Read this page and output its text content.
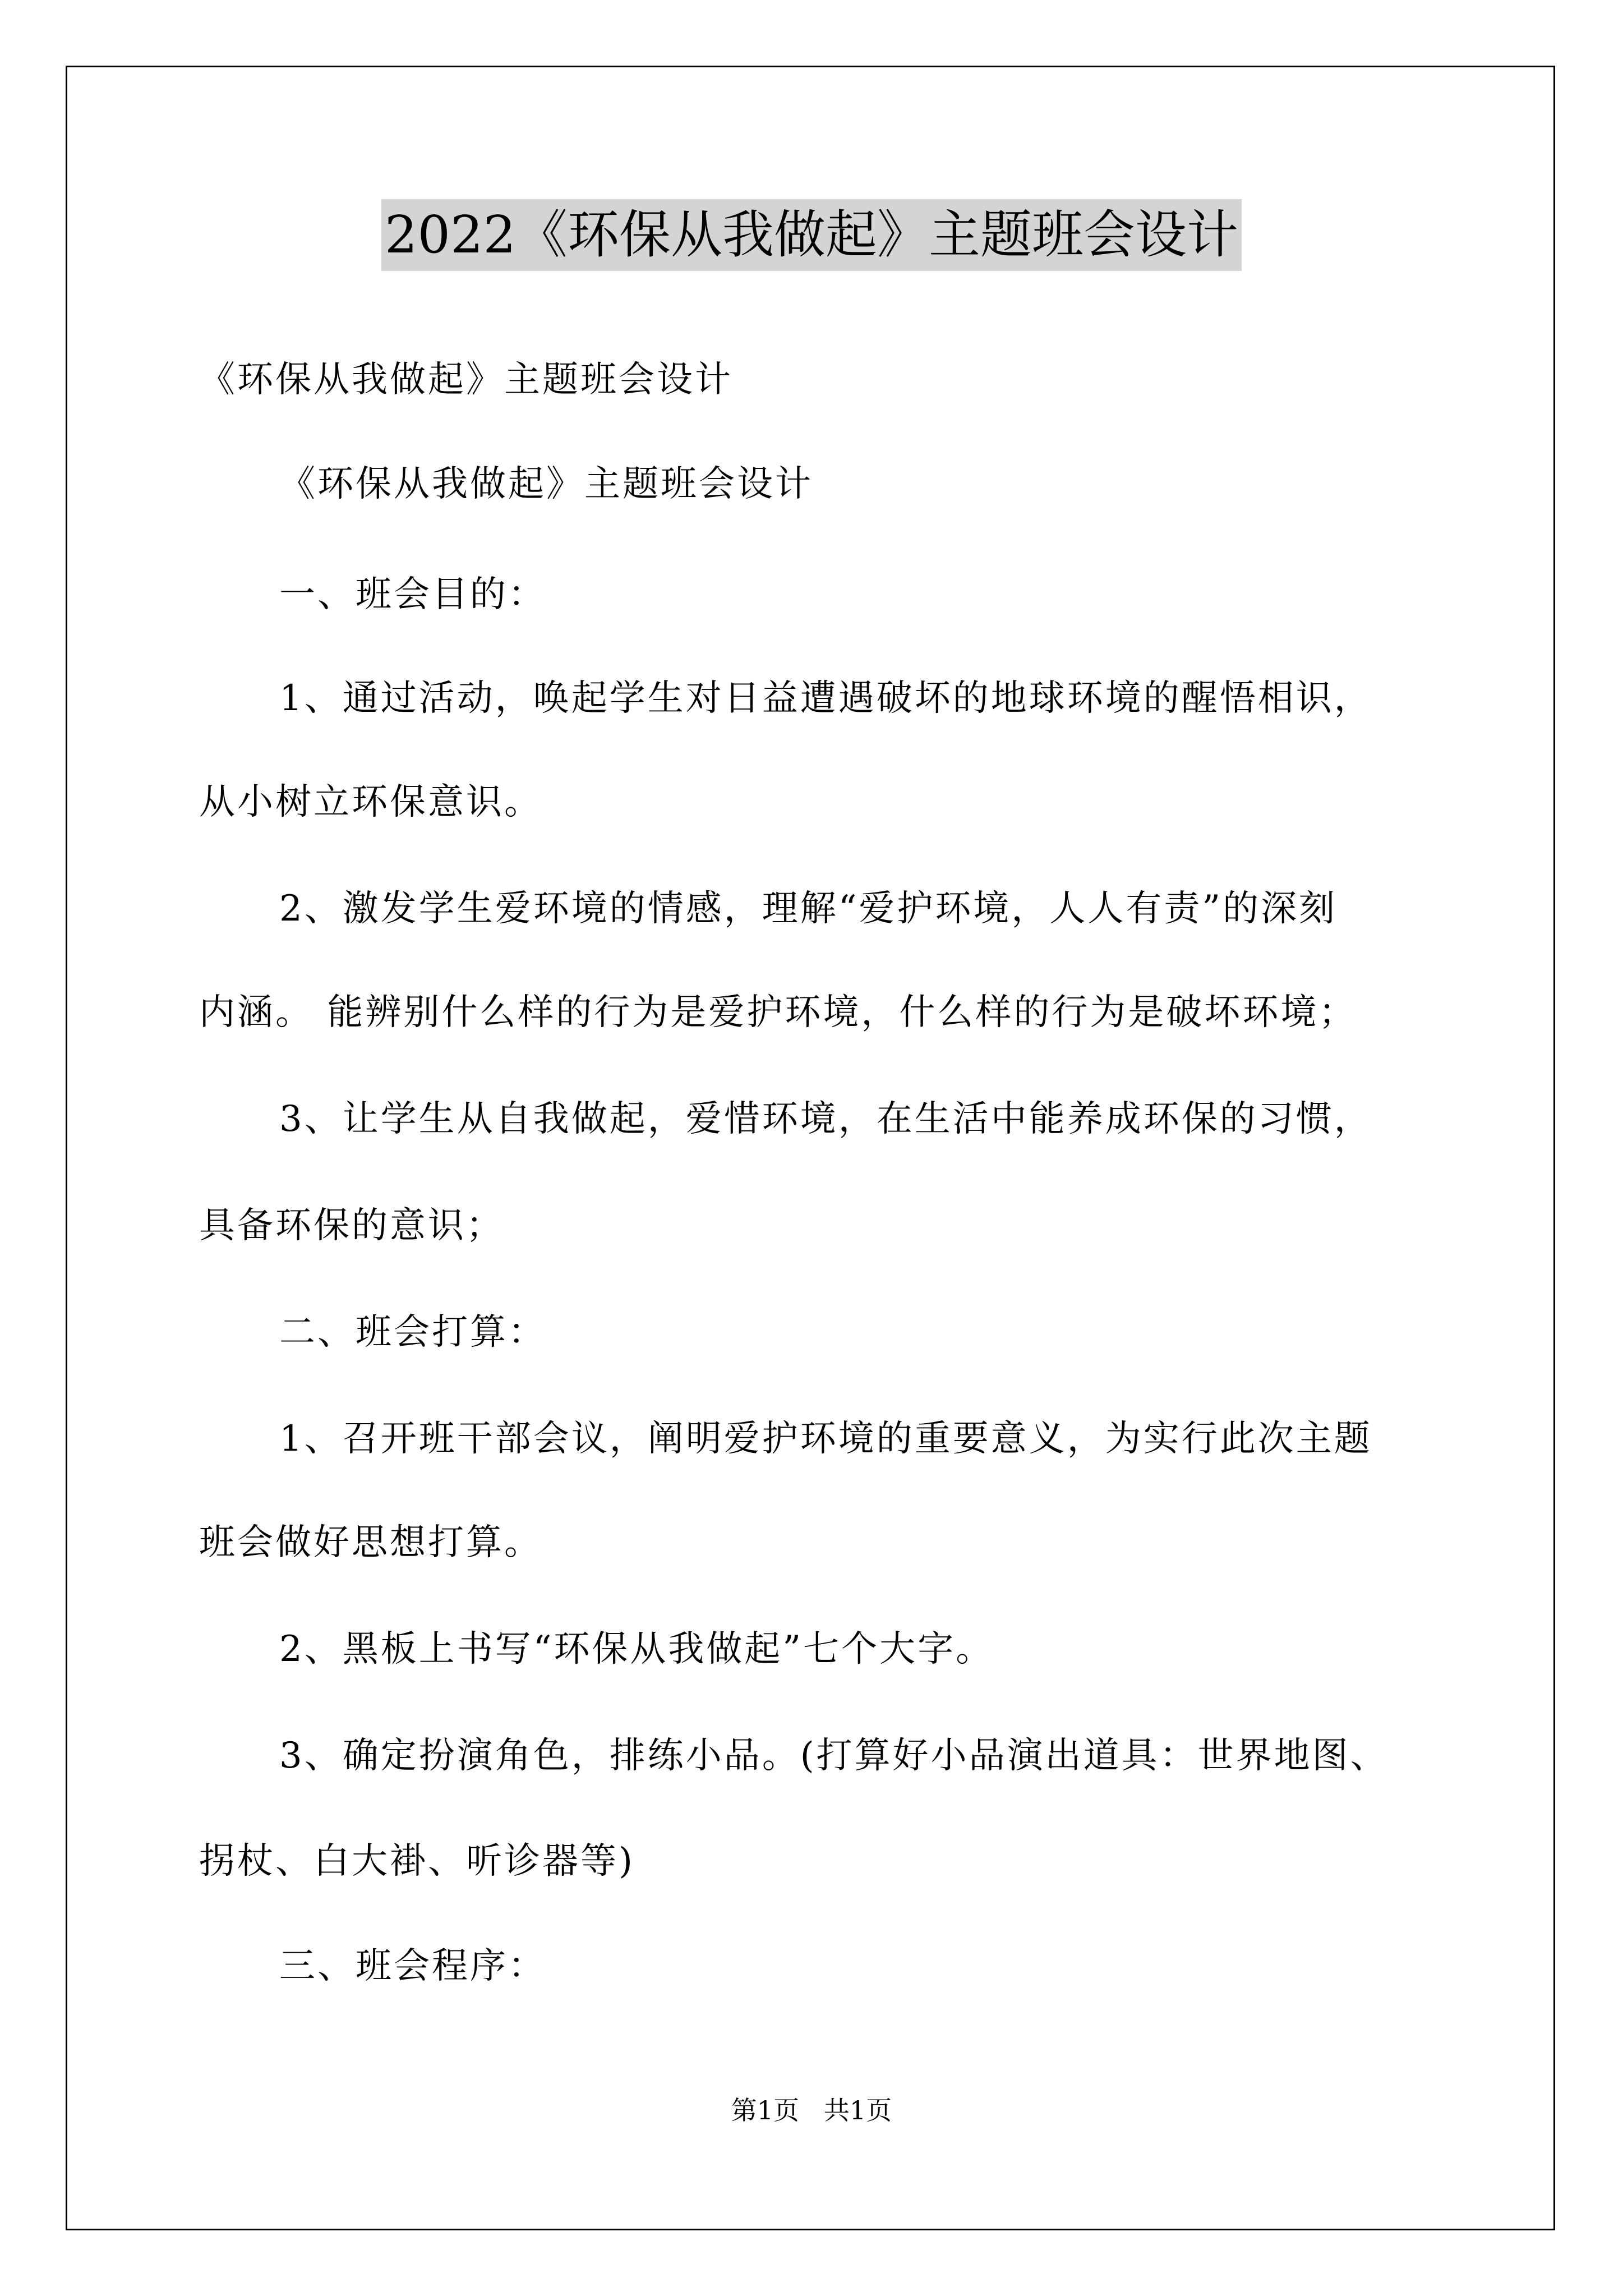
2022《环保从我做起》主题班会设计
《环保从我做起》主题班会设计
《环保从我做起》主题班会设计
一、班会目的：
1、通过活动，唤起学生对日益遭遇破坏的地球环境的醒悟相识，
从小树立环保意识。
2、激发学生爱环境的情感，理解“爱护环境，人人有责”的深刻
内涵。 能辨别什么样的行为是爱护环境，什么样的行为是破坏环境；
3、让学生从自我做起，爱惜环境，在生活中能养成环保的习惯，
具备环保的意识；
二、班会打算：
1、召开班干部会议，阐明爱护环境的重要意义，为实行此次主题
班会做好思想打算。
2、黑板上书写“环保从我做起”七个大字。
3、确定扮演角色，排练小品。(打算好小品演出道具：世界地图、
拐杖、白大褂、听诊器等)
三、班会程序：
第1页   共1页
